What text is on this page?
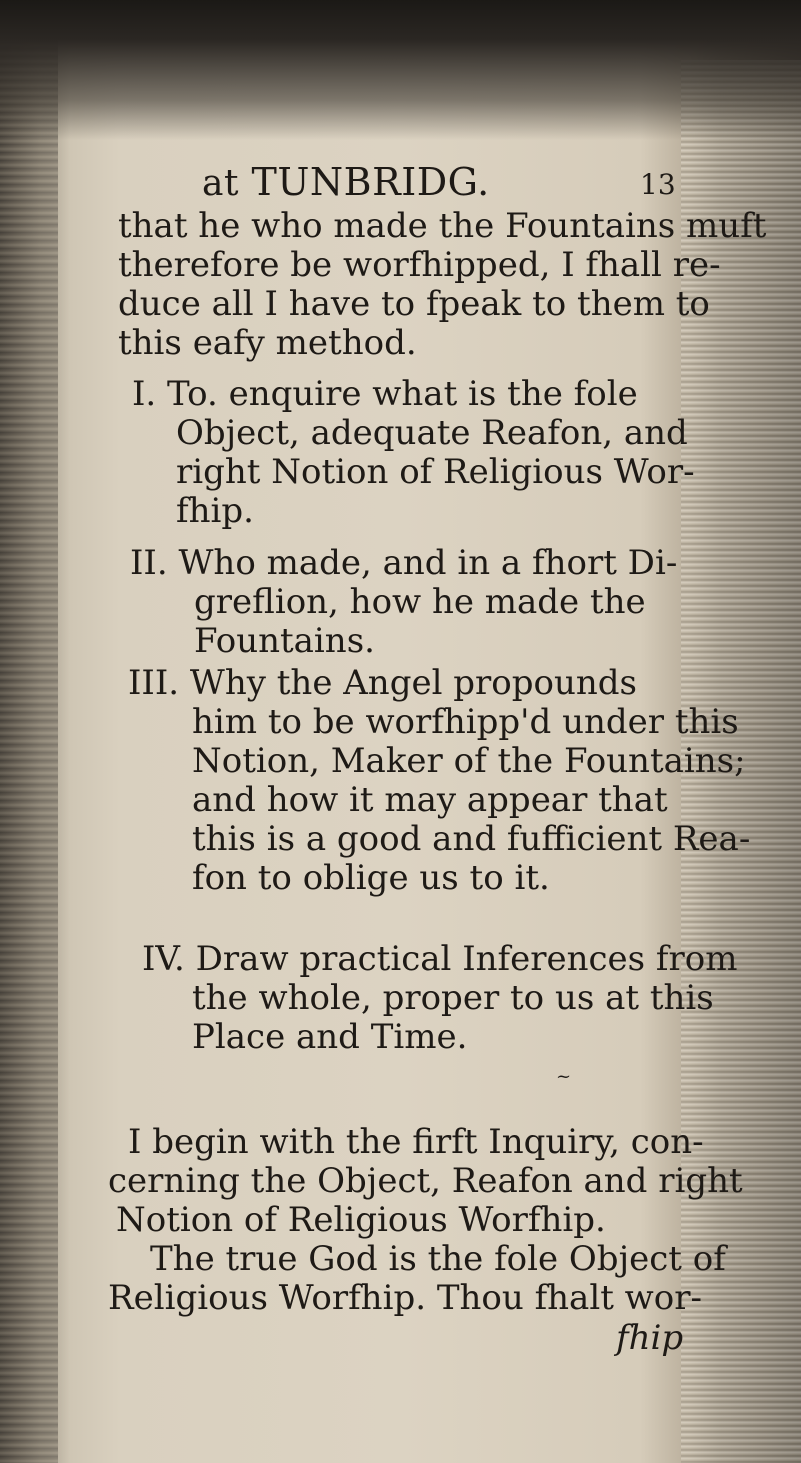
at TUNBRIDG.	13
that he who made the Fountains muft
therefore be worfhipped, I fhall re-
duce all I have to fpeak to them to
this eafy method.
I. To. enquire what is the fole
Object, adequate Reafon, and
right Notion of Religious Wor-
fhip.
II. Who made, and in a fhort Di-
greflion, how he made the
Fountains.
III. Why the Angel propounds
him to be worfhipp'd under this
Notion, Maker of the Fountains;
and how it may appear that
this is a good and fufficient Rea-
fon to oblige us to it.
IV. Draw practical Inferences from
the whole, proper to us at this
Place and Time.
~
I begin with the firft Inquiry, con-
cerning the Object, Reafon and right
Notion of Religious Worfhip.
The true God is the fole Object of
Religious Worfhip. Thou fhalt wor-
fhip
